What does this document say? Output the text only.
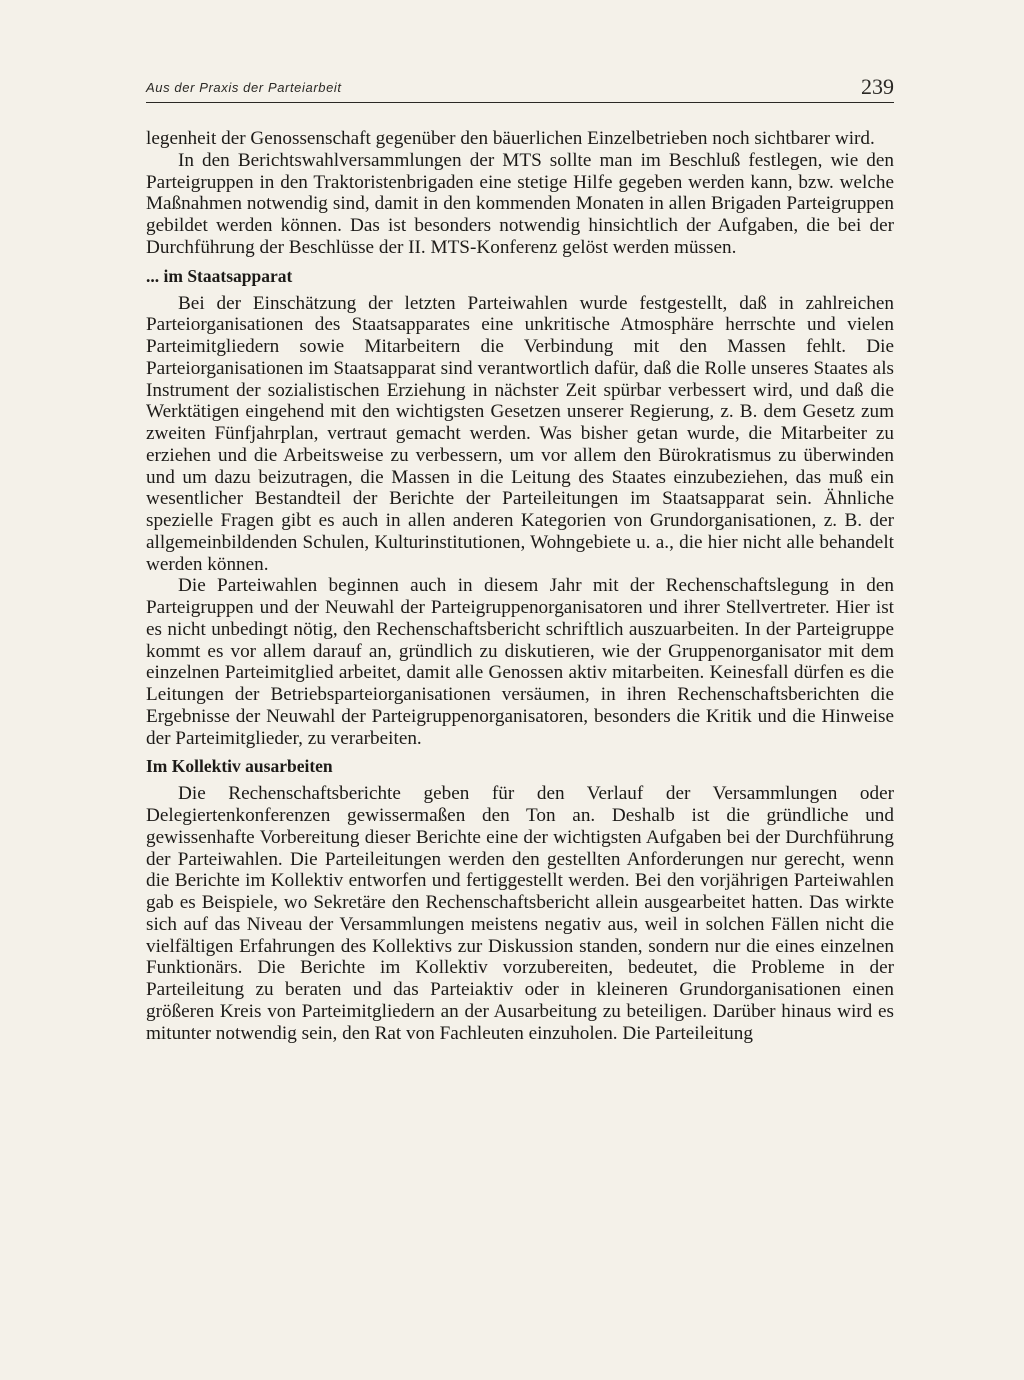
Aus der Praxis der Parteiarbeit	239

legenheit der Genossenschaft gegenüber den bäuerlichen Einzelbetrieben noch sichtbarer wird.

In den Berichtswahlversammlungen der MTS sollte man im Beschluß festlegen, wie den Parteigruppen in den Traktoristenbrigaden eine stetige Hilfe gegeben werden kann, bzw. welche Maßnahmen notwendig sind, damit in den kommenden Monaten in allen Brigaden Parteigruppen gebildet werden können. Das ist besonders notwendig hinsichtlich der Aufgaben, die bei der Durchführung der Beschlüsse der II. MTS-Konferenz gelöst werden müssen.

... im Staatsapparat

Bei der Einschätzung der letzten Parteiwahlen wurde festgestellt, daß in zahlreichen Parteiorganisationen des Staatsapparates eine unkritische Atmosphäre herrschte und vielen Parteimitgliedern sowie Mitarbeitern die Verbindung mit den Massen fehlt. Die Parteiorganisationen im Staatsapparat sind verantwortlich dafür, daß die Rolle unseres Staates als Instrument der sozialistischen Erziehung in nächster Zeit spürbar verbessert wird, und daß die Werktätigen eingehend mit den wichtigsten Gesetzen unserer Regierung, z. B. dem Gesetz zum zweiten Fünfjahrplan, vertraut gemacht werden. Was bisher getan wurde, die Mitarbeiter zu erziehen und die Arbeitsweise zu verbessern, um vor allem den Bürokratismus zu überwinden und um dazu beizutragen, die Massen in die Leitung des Staates einzubeziehen, das muß ein wesentlicher Bestandteil der Berichte der Parteileitungen im Staatsapparat sein. Ähnliche spezielle Fragen gibt es auch in allen anderen Kategorien von Grundorganisationen, z. B. der allgemeinbildenden Schulen, Kulturinstitutionen, Wohngebiete u. a., die hier nicht alle behandelt werden können.

Die Parteiwahlen beginnen auch in diesem Jahr mit der Rechenschaftslegung in den Parteigruppen und der Neuwahl der Parteigruppenorganisatoren und ihrer Stellvertreter. Hier ist es nicht unbedingt nötig, den Rechenschaftsbericht schriftlich auszuarbeiten. In der Parteigruppe kommt es vor allem darauf an, gründlich zu diskutieren, wie der Gruppenorganisator mit dem einzelnen Parteimitglied arbeitet, damit alle Genossen aktiv mitarbeiten. Keinesfall dürfen es die Leitungen der Betriebsparteiorganisationen versäumen, in ihren Rechenschaftsberichten die Ergebnisse der Neuwahl der Parteigruppenorganisatoren, besonders die Kritik und die Hinweise der Parteimitglieder, zu verarbeiten.

Im Kollektiv ausarbeiten

Die Rechenschaftsberichte geben für den Verlauf der Versammlungen oder Delegiertenkonferenzen gewissermaßen den Ton an. Deshalb ist die gründliche und gewissenhafte Vorbereitung dieser Berichte eine der wichtigsten Aufgaben bei der Durchführung der Parteiwahlen. Die Parteileitungen werden den gestellten Anforderungen nur gerecht, wenn die Berichte im Kollektiv entworfen und fertiggestellt werden. Bei den vorjährigen Parteiwahlen gab es Beispiele, wo Sekretäre den Rechenschaftsbericht allein ausgearbeitet hatten. Das wirkte sich auf das Niveau der Versammlungen meistens negativ aus, weil in solchen Fällen nicht die vielfältigen Erfahrungen des Kollektivs zur Diskussion standen, sondern nur die eines einzelnen Funktionärs. Die Berichte im Kollektiv vorzubereiten, bedeutet, die Probleme in der Parteileitung zu beraten und das Parteiaktiv oder in kleineren Grundorganisationen einen größeren Kreis von Parteimitgliedern an der Ausarbeitung zu beteiligen. Darüber hinaus wird es mitunter notwendig sein, den Rat von Fachleuten einzuholen. Die Parteileitung
